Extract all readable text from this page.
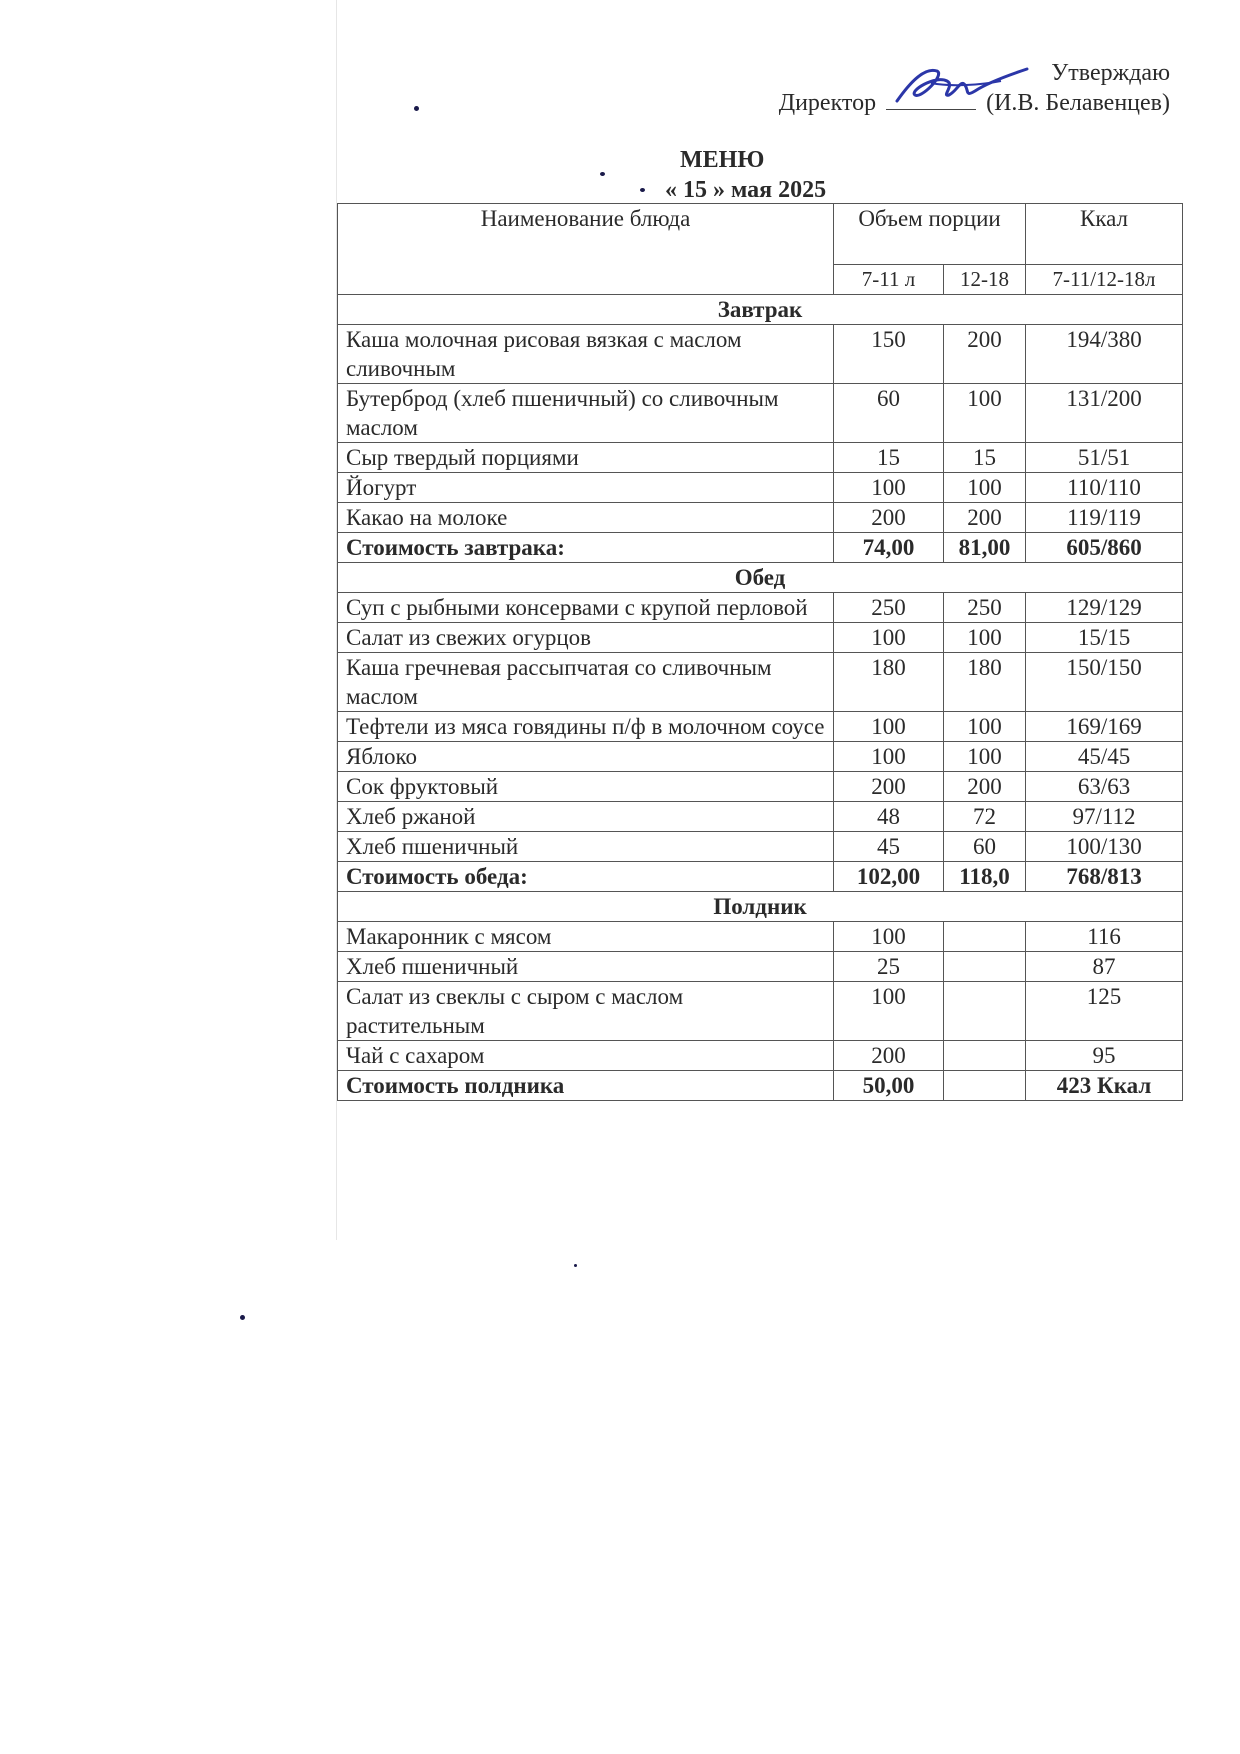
Утверждаю
Директор	(И.В. Белавенцев)
МЕНЮ
« 15 » мая 2025
Наименование блюда	Объем порции		Ккал
	7-11 л	12-18	7-11/12-18л
Завтрак			
Каша молочная рисовая вязкая с маслом сливочным	150	200	194/380
Бутерброд (хлеб пшеничный) со сливочным маслом	60	100	131/200
Сыр твердый порциями	15	15	51/51
Йогурт	100	100	110/110
Какао на молоке	200	200	119/119
Стоимость завтрака:	74,00	81,00	605/860
Обед			
Суп с рыбными консервами с крупой перловой	250	250	129/129
Салат из свежих огурцов	100	100	15/15
Каша гречневая рассыпчатая со сливочным маслом	180	180	150/150
Тефтели из мяса говядины п/ф в молочном соусе	100	100	169/169
Яблоко	100	100	45/45
Сок фруктовый	200	200	63/63
Хлеб ржаной	48	72	97/112
Хлеб пшеничный	45	60	100/130
Стоимость обеда:	102,00	118,0	768/813
Полдник			
Макаронник с мясом	100		116
Хлеб пшеничный	25		87
Салат из свеклы с сыром с маслом растительным	100		125
Чай с сахаром	200		95
Стоимость полдника	50,00		423 Ккал
